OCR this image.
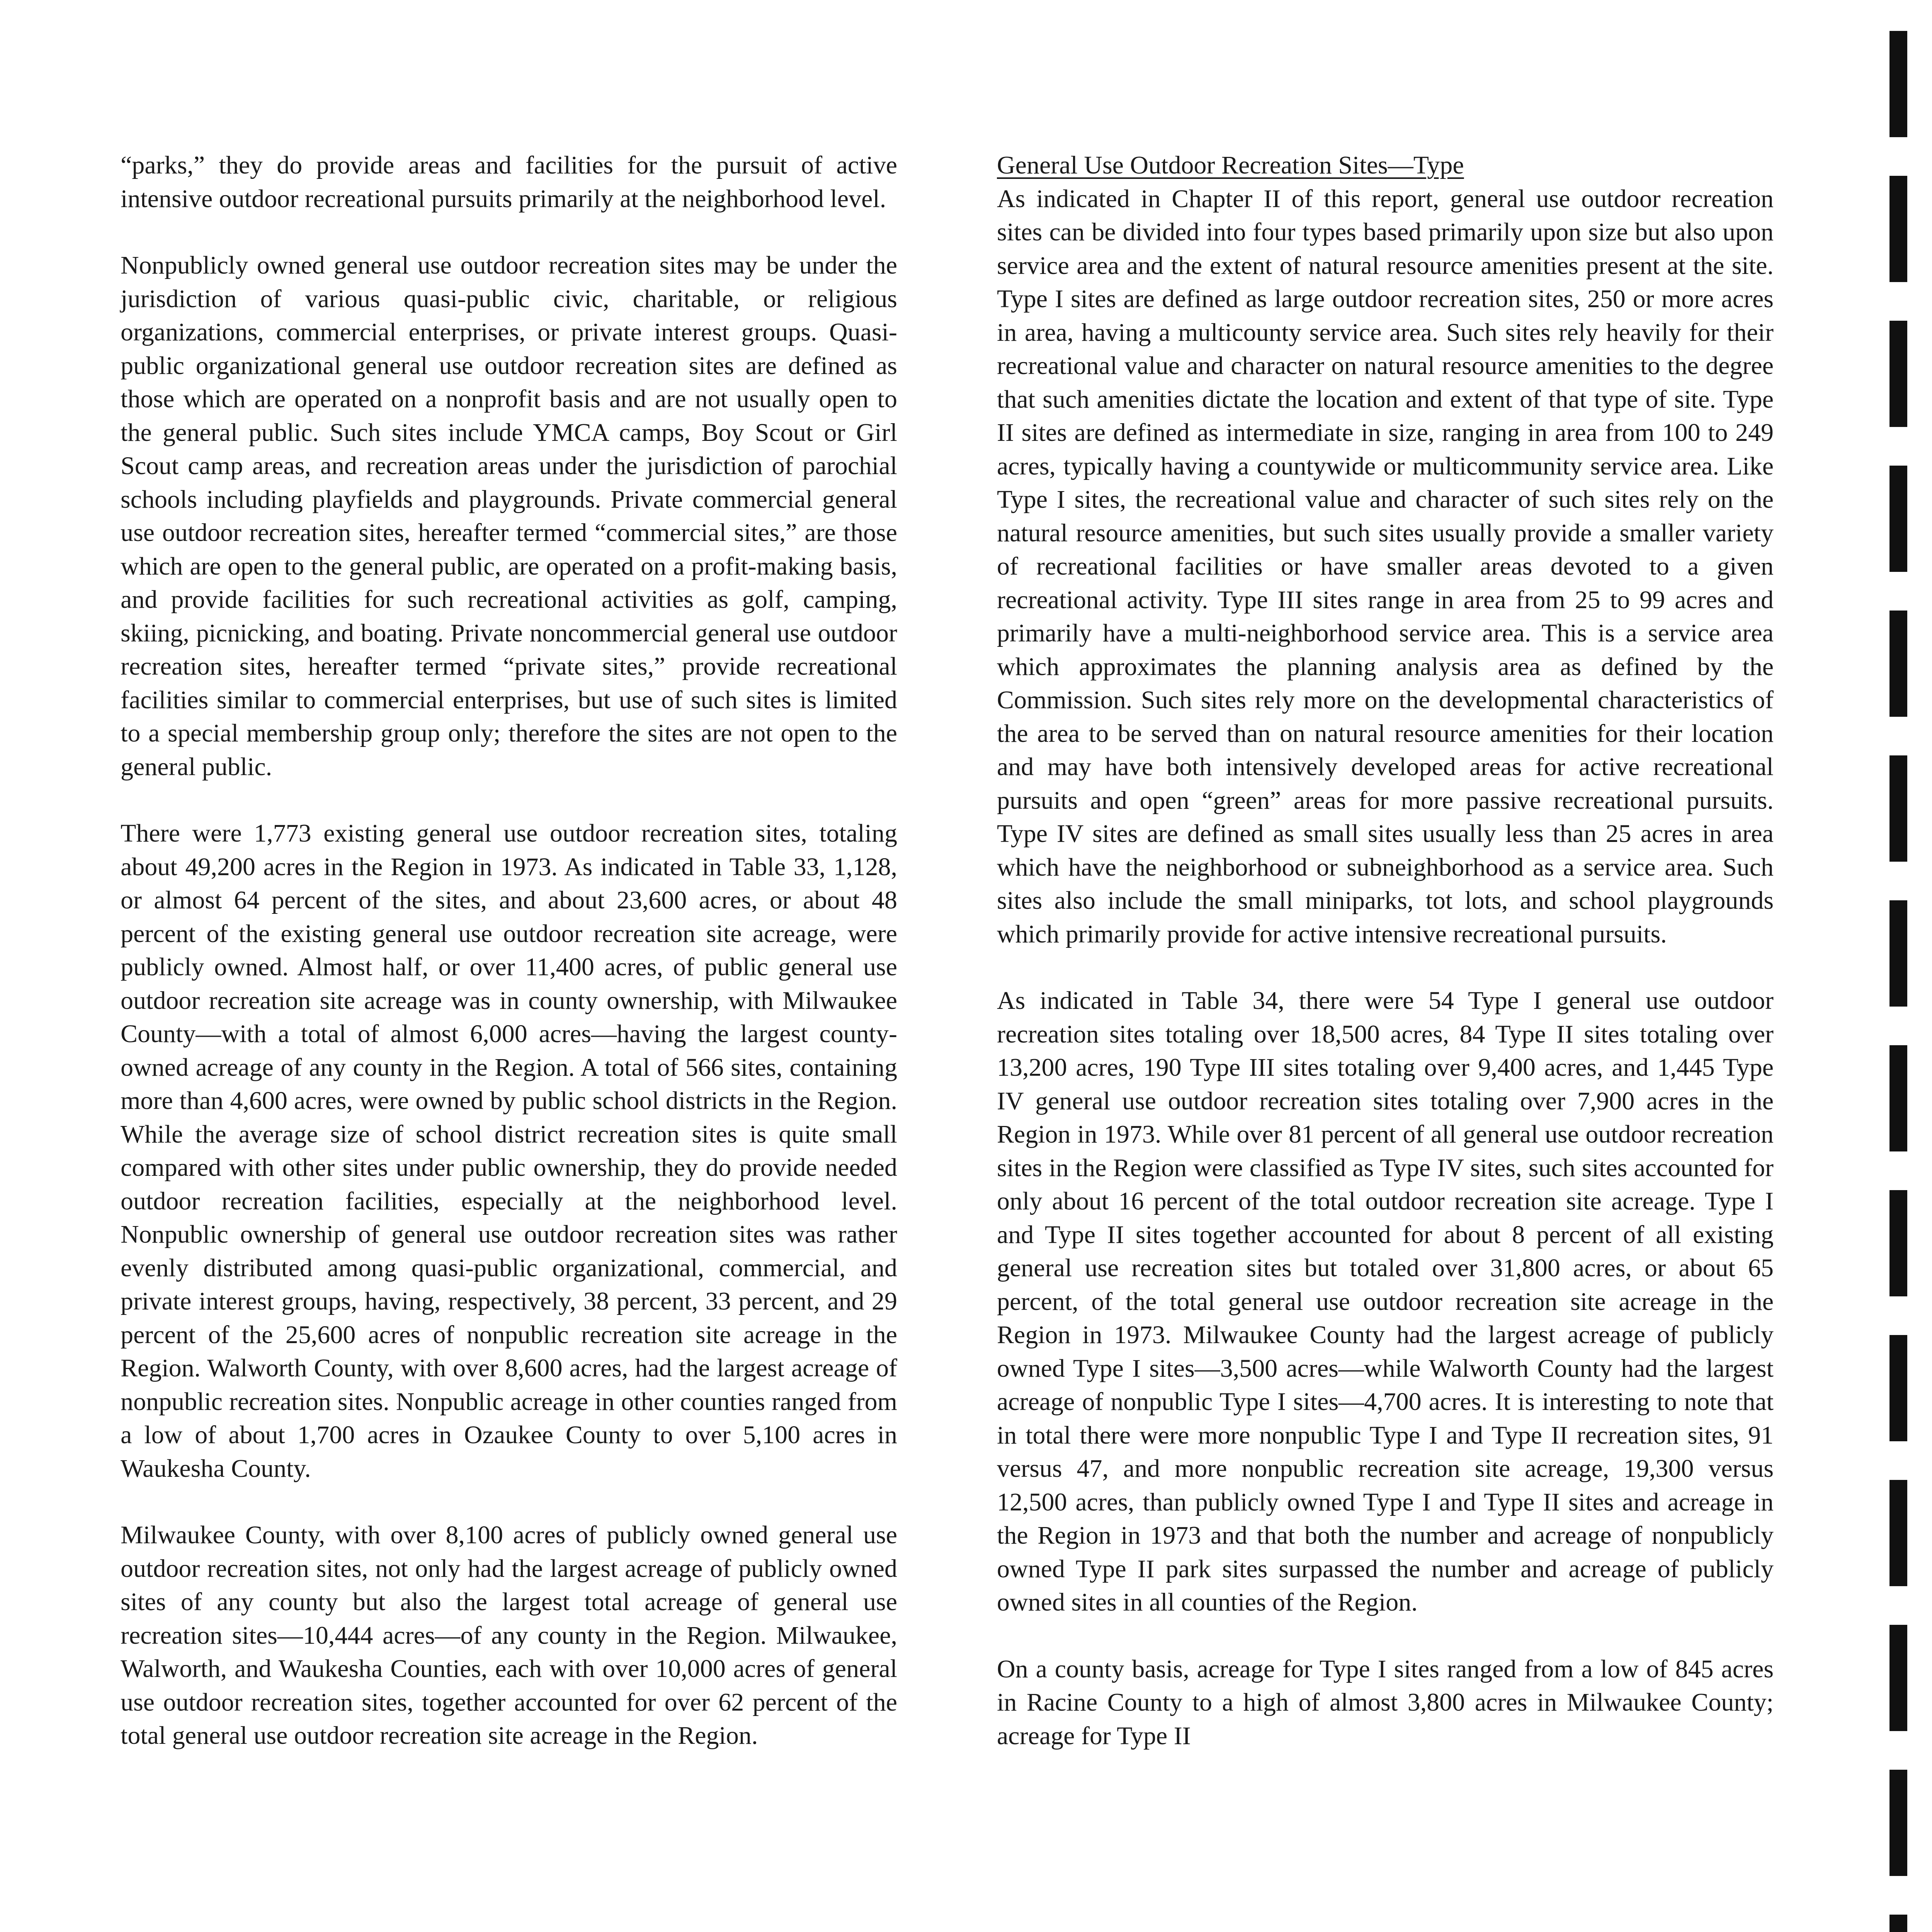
“parks,” they do provide areas and facilities for the pursuit of active intensive outdoor recreational pursuits primarily at the neighborhood level.

Nonpublicly owned general use outdoor recreation sites may be under the jurisdiction of various quasi-public civic, charitable, or religious organizations, commercial enterprises, or private interest groups. Quasi-public organizational general use outdoor recreation sites are defined as those which are operated on a nonprofit basis and are not usually open to the general public. Such sites include YMCA camps, Boy Scout or Girl Scout camp areas, and recreation areas under the jurisdiction of parochial schools including playfields and playgrounds. Private commercial general use outdoor recreation sites, hereafter termed “commercial sites,” are those which are open to the general public, are operated on a profit-making basis, and provide facilities for such recreational activities as golf, camping, skiing, picnicking, and boating. Private noncommercial general use outdoor recreation sites, hereafter termed “private sites,” provide recreational facilities similar to commercial enterprises, but use of such sites is limited to a special membership group only; therefore the sites are not open to the general public.

There were 1,773 existing general use outdoor recreation sites, totaling about 49,200 acres in the Region in 1973. As indicated in Table 33, 1,128, or almost 64 percent of the sites, and about 23,600 acres, or about 48 percent of the existing general use outdoor recreation site acreage, were publicly owned. Almost half, or over 11,400 acres, of public general use outdoor recreation site acreage was in county ownership, with Milwaukee County—with a total of almost 6,000 acres—having the largest county-owned acreage of any county in the Region. A total of 566 sites, containing more than 4,600 acres, were owned by public school districts in the Region. While the average size of school district recreation sites is quite small compared with other sites under public ownership, they do provide needed outdoor recreation facilities, especially at the neighborhood level. Nonpublic ownership of general use outdoor recreation sites was rather evenly distributed among quasi-public organizational, commercial, and private interest groups, having, respectively, 38 percent, 33 percent, and 29 percent of the 25,600 acres of nonpublic recreation site acreage in the Region. Walworth County, with over 8,600 acres, had the largest acreage of nonpublic recreation sites. Nonpublic acreage in other counties ranged from a low of about 1,700 acres in Ozaukee County to over 5,100 acres in Waukesha County.

Milwaukee County, with over 8,100 acres of publicly owned general use outdoor recreation sites, not only had the largest acreage of publicly owned sites of any county but also the largest total acreage of general use recreation sites—10,444 acres—of any county in the Region. Milwaukee, Walworth, and Waukesha Counties, each with over 10,000 acres of general use outdoor recreation sites, together accounted for over 62 percent of the total general use outdoor recreation site acreage in the Region.

General Use Outdoor Recreation Sites—Type

As indicated in Chapter II of this report, general use outdoor recreation sites can be divided into four types based primarily upon size but also upon service area and the extent of natural resource amenities present at the site. Type I sites are defined as large outdoor recreation sites, 250 or more acres in area, having a multicounty service area. Such sites rely heavily for their recreational value and character on natural resource amenities to the degree that such amenities dictate the location and extent of that type of site. Type II sites are defined as intermediate in size, ranging in area from 100 to 249 acres, typically having a countywide or multicommunity service area. Like Type I sites, the recreational value and character of such sites rely on the natural resource amenities, but such sites usually provide a smaller variety of recreational facilities or have smaller areas devoted to a given recreational activity. Type III sites range in area from 25 to 99 acres and primarily have a multi-neighborhood service area. This is a service area which approximates the planning analysis area as defined by the Commission. Such sites rely more on the developmental characteristics of the area to be served than on natural resource amenities for their location and may have both intensively developed areas for active recreational pursuits and open “green” areas for more passive recreational pursuits. Type IV sites are defined as small sites usually less than 25 acres in area which have the neighborhood or subneighborhood as a service area. Such sites also include the small miniparks, tot lots, and school playgrounds which primarily provide for active intensive recreational pursuits.

As indicated in Table 34, there were 54 Type I general use outdoor recreation sites totaling over 18,500 acres, 84 Type II sites totaling over 13,200 acres, 190 Type III sites totaling over 9,400 acres, and 1,445 Type IV general use outdoor recreation sites totaling over 7,900 acres in the Region in 1973. While over 81 percent of all general use outdoor recreation sites in the Region were classified as Type IV sites, such sites accounted for only about 16 percent of the total outdoor recreation site acreage. Type I and Type II sites together accounted for about 8 percent of all existing general use recreation sites but totaled over 31,800 acres, or about 65 percent, of the total general use outdoor recreation site acreage in the Region in 1973. Milwaukee County had the largest acreage of publicly owned Type I sites—3,500 acres—while Walworth County had the largest acreage of nonpublic Type I sites—4,700 acres. It is interesting to note that in total there were more nonpublic Type I and Type II recreation sites, 91 versus 47, and more nonpublic recreation site acreage, 19,300 versus 12,500 acres, than publicly owned Type I and Type II sites and acreage in the Region in 1973 and that both the number and acreage of nonpublicly owned Type II park sites surpassed the number and acreage of publicly owned sites in all counties of the Region.

On a county basis, acreage for Type I sites ranged from a low of 845 acres in Racine County to a high of almost 3,800 acres in Milwaukee County; acreage for Type II
